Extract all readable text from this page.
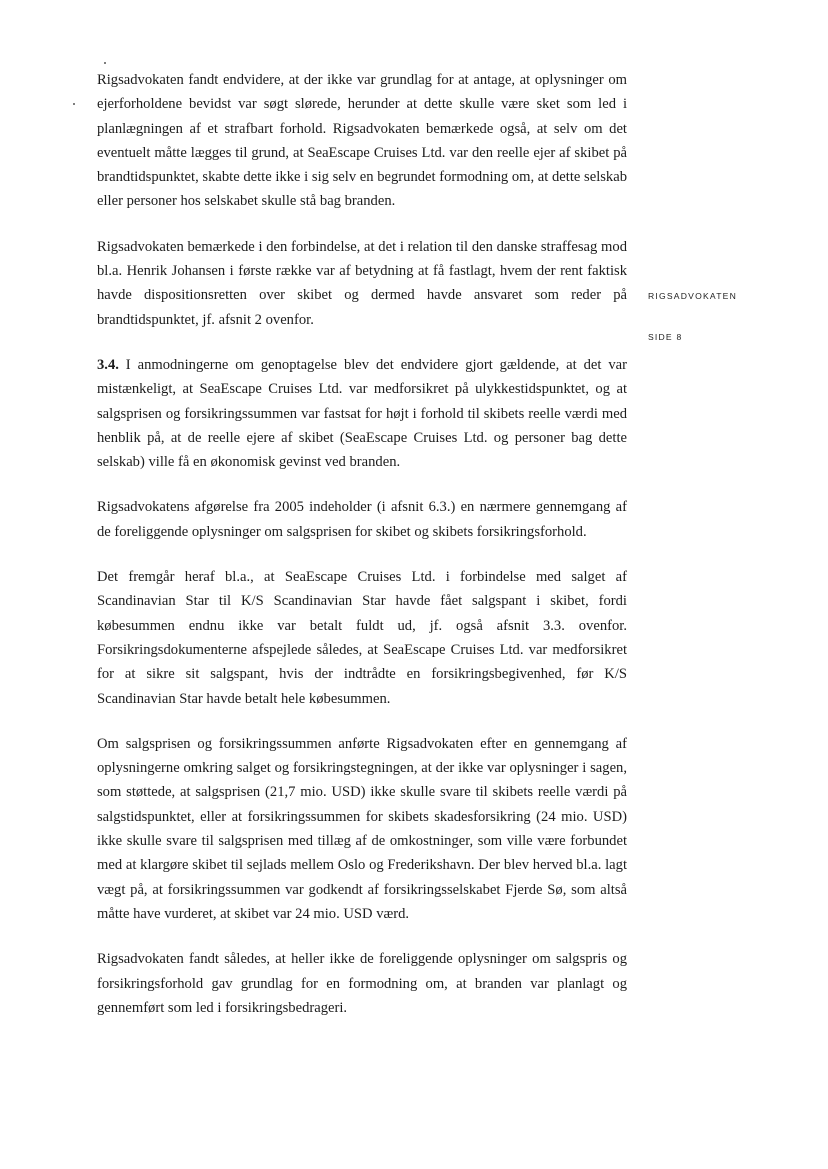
Rigsadvokaten fandt endvidere, at der ikke var grundlag for at antage, at oplysninger om ejerforholdene bevidst var søgt slørede, herunder at dette skulle være sket som led i planlægningen af et strafbart forhold. Rigsadvokaten bemærkede også, at selv om det eventuelt måtte lægges til grund, at SeaEscape Cruises Ltd. var den reelle ejer af skibet på brandtidspunktet, skabte dette ikke i sig selv en begrundet formodning om, at dette selskab eller personer hos selskabet skulle stå bag branden.

Rigsadvokaten bemærkede i den forbindelse, at det i relation til den danske straffesag mod bl.a. Henrik Johansen i første række var af betydning at få fastlagt, hvem der rent faktisk havde dispositionsretten over skibet og dermed havde ansvaret som reder på brandtidspunktet, jf. afsnit 2 ovenfor.

3.4. I anmodningerne om genoptagelse blev det endvidere gjort gældende, at det var mistænkeligt, at SeaEscape Cruises Ltd. var medforsikret på ulykkestidspunktet, og at salgsprisen og forsikringssummen var fastsat for højt i forhold til skibets reelle værdi med henblik på, at de reelle ejere af skibet (SeaEscape Cruises Ltd. og personer bag dette selskab) ville få en økonomisk gevinst ved branden.

Rigsadvokatens afgørelse fra 2005 indeholder (i afsnit 6.3.) en nærmere gennemgang af de foreliggende oplysninger om salgsprisen for skibet og skibets forsikringsforhold.

Det fremgår heraf bl.a., at SeaEscape Cruises Ltd. i forbindelse med salget af Scandinavian Star til K/S Scandinavian Star havde fået salgspant i skibet, fordi købesummen endnu ikke var betalt fuldt ud, jf. også afsnit 3.3. ovenfor. Forsikringsdokumenterne afspejlede således, at SeaEscape Cruises Ltd. var medforsikret for at sikre sit salgspant, hvis der indtrådte en forsikringsbegivenhed, før K/S Scandinavian Star havde betalt hele købesummen.

Om salgsprisen og forsikringssummen anførte Rigsadvokaten efter en gennemgang af oplysningerne omkring salget og forsikringstegningen, at der ikke var oplysninger i sagen, som støttede, at salgsprisen (21,7 mio. USD) ikke skulle svare til skibets reelle værdi på salgstidspunktet, eller at forsikringssummen for skibets skadesforsikring (24 mio. USD) ikke skulle svare til salgsprisen med tillæg af de omkostninger, som ville være forbundet med at klargøre skibet til sejlads mellem Oslo og Frederikshavn. Der blev herved bl.a. lagt vægt på, at forsikringssummen var godkendt af forsikringsselskabet Fjerde Sø, som altså måtte have vurderet, at skibet var 24 mio. USD værd.

Rigsadvokaten fandt således, at heller ikke de foreliggende oplysninger om salgspris og forsikringsforhold gav grundlag for en formodning om, at branden var planlagt og gennemført som led i forsikringsbedrageri.

RIGSADVOKATEN
SIDE 8
